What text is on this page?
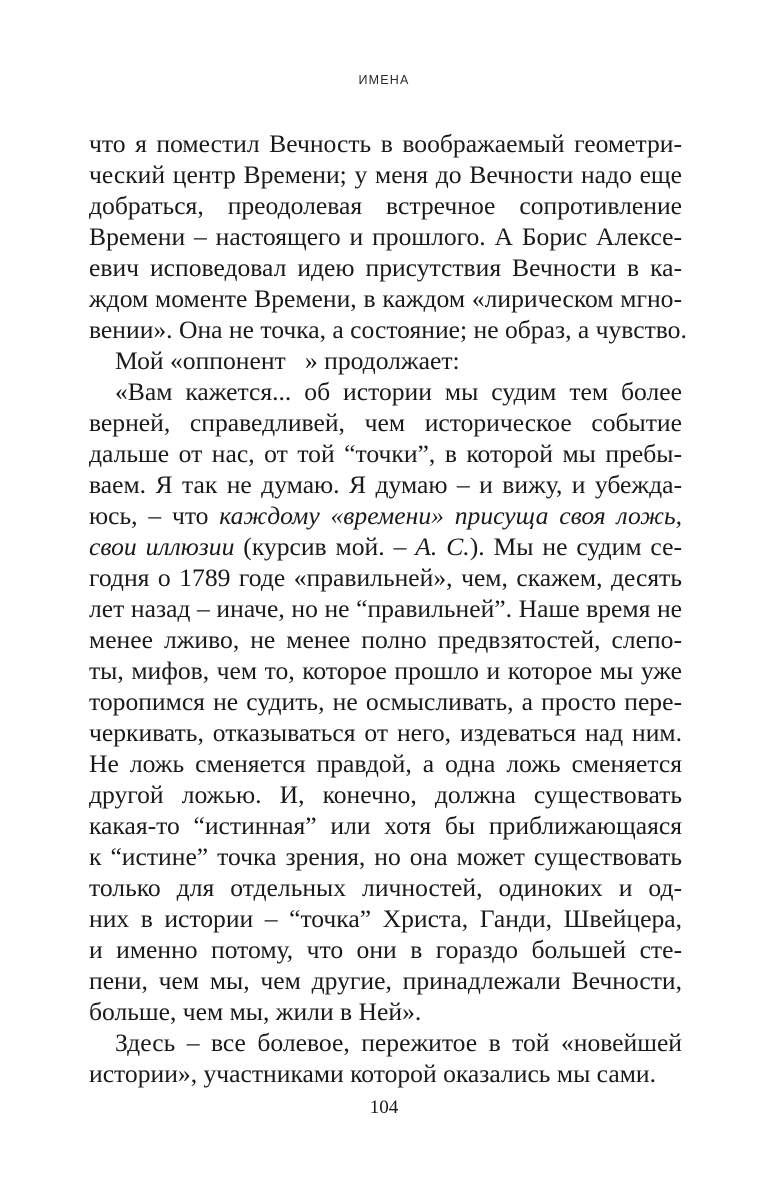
ИМЕНА
что я поместил Вечность в воображаемый геометри-
ческий центр Времени; у меня до Вечности надо еще
добраться, преодолевая встречное сопротивление
Времени – настоящего и прошлого. А Борис Алексе-
евич исповедовал идею присутствия Вечности в ка-
ждом моменте Времени, в каждом «лирическом мгно-
вении». Она не точка, а состояние; не образ, а чувство.
Мой «оппонент   » продолжает:
«Вам кажется... об истории мы судим тем более
верней, справедливей, чем историческое событие
дальше от нас, от той “точки”, в которой мы пребы-
ваем. Я так не думаю. Я думаю – и вижу, и убежда-
юсь, – что каждому «времени» присуща своя ложь,
свои иллюзии (курсив мой. – А. С.). Мы не судим се-
годня о 1789 годе «правильней», чем, скажем, десять
лет назад – иначе, но не “правильней”. Наше время не
менее лживо, не менее полно предвзятостей, слепо-
ты, мифов, чем то, которое прошло и которое мы уже
торопимся не судить, не осмысливать, а просто пере-
черкивать, отказываться от него, издеваться над ним.
Не ложь сменяется правдой, а одна ложь сменяется
другой ложью. И, конечно, должна существовать
какая-то “истинная” или хотя бы приближающаяся
к “истине” точка зрения, но она может существовать
только для отдельных личностей, одиноких и од-
них в истории – “точка” Христа, Ганди, Швейцера,
и именно потому, что они в гораздо большей сте-
пени, чем мы, чем другие, принадлежали Вечности,
больше, чем мы, жили в Ней».
Здесь – все болевое, пережитое в той «новейшей
истории», участниками которой оказались мы сами.
104
